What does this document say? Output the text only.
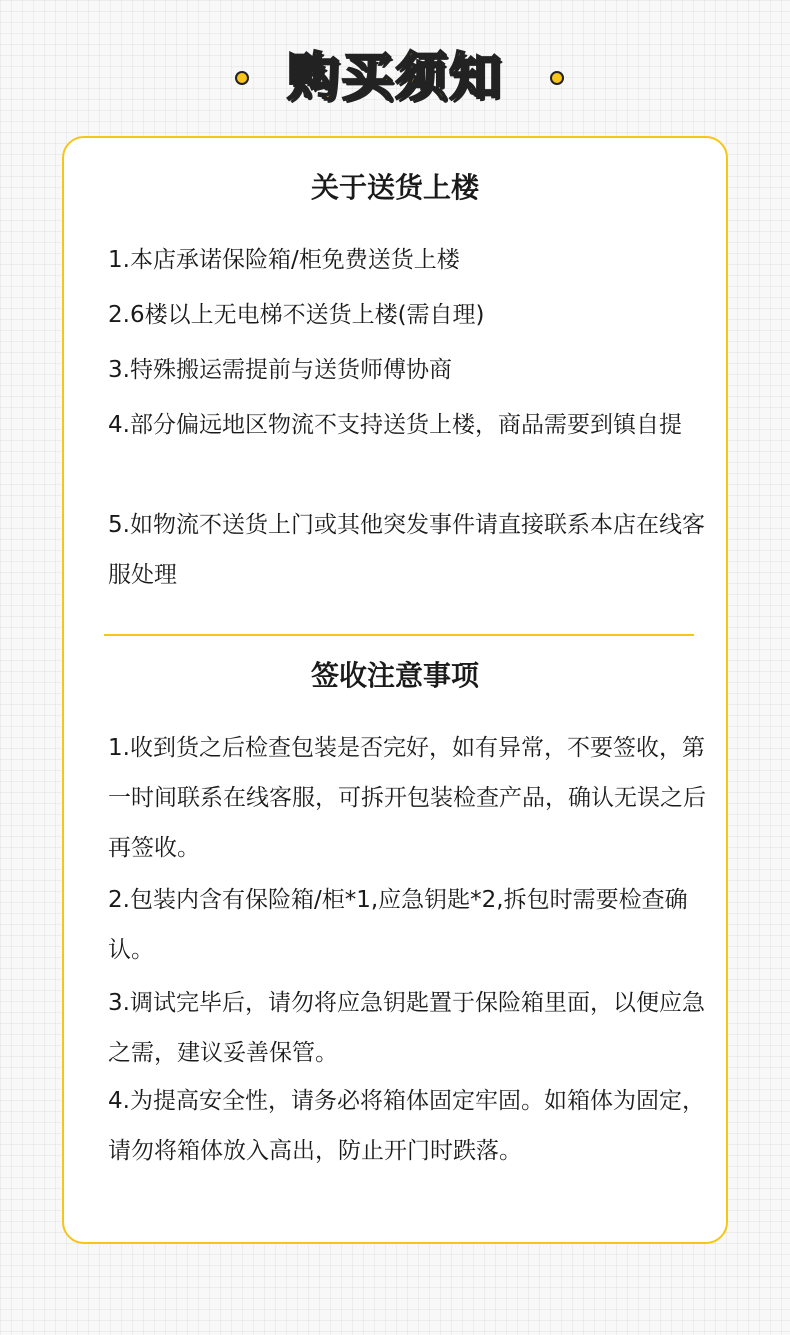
购买须知
关于送货上楼
1.本店承诺保险箱/柜免费送货上楼
2.6楼以上无电梯不送货上楼(需自理)
3.特殊搬运需提前与送货师傅协商
4.部分偏远地区物流不支持送货上楼，商品需要到镇自提
5.如物流不送货上门或其他突发事件请直接联系本店在线客服处理
签收注意事项
1.收到货之后检查包装是否完好，如有异常，不要签收，第一时间联系在线客服，可拆开包装检查产品，确认无误之后再签收。
2.包装内含有保险箱/柜*1,应急钥匙*2,拆包时需要检查确认。
3.调试完毕后，请勿将应急钥匙置于保险箱里面，以便应急之需，建议妥善保管。
4.为提高安全性，请务必将箱体固定牢固。如箱体为固定，请勿将箱体放入高出，防止开门时跌落。
